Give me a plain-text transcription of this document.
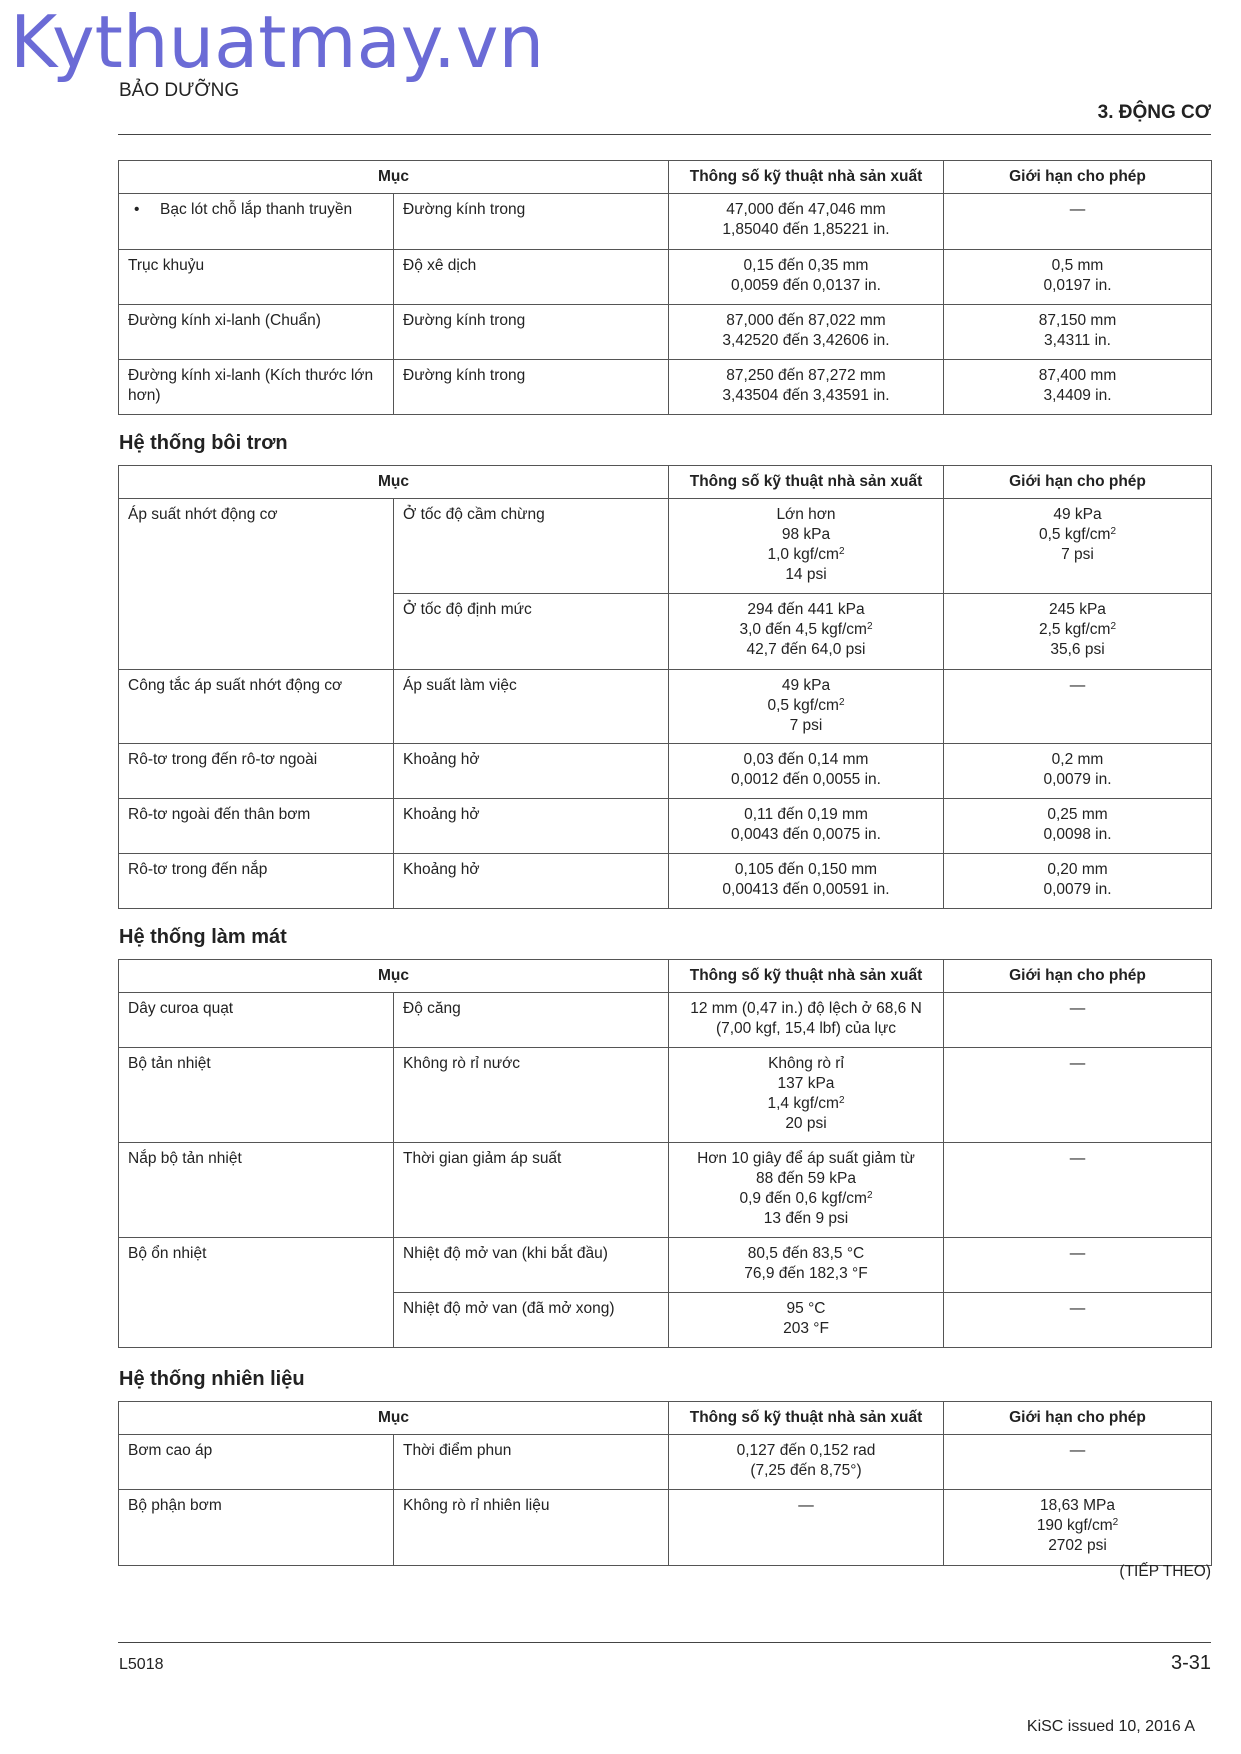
Kythuatmay.vn
BẢO DƯỠNG
3. ĐỘNG CƠ
Mục		Thông số kỹ thuật nhà sản xuất	Giới hạn cho phép
• Bạc lót chỗ lắp thanh truyền	Đường kính trong	47,000 đến 47,046 mm
1,85040 đến 1,85221 in.	—

Trục khuỷu	Độ xê dịch	0,15 đến 0,35 mm
0,0059 đến 0,0137 in.	0,5 mm
0,0197 in.

Đường kính xi-lanh (Chuẩn)	Đường kính trong	87,000 đến 87,022 mm
3,42520 đến 3,42606 in.	87,150 mm
3,4311 in.

Đường kính xi-lanh (Kích thước lớn hơn)	Đường kính trong	87,250 đến 87,272 mm
3,43504 đến 3,43591 in.	87,400 mm
3,4409 in.
Hệ thống bôi trơn
Mục		Thông số kỹ thuật nhà sản xuất	Giới hạn cho phép
Áp suất nhớt động cơ	Ở tốc độ cầm chừng	Lớn hơn
98 kPa
1,0 kgf/$cm^2$
14 psi	49 kPa
0,5 kgf/$cm^2$
7 psi

	Ở tốc độ định mức	294 đến 441 kPa
3,0 đến 4,5 kgf/$cm^2$
42,7 đến 64,0 psi	245 kPa
2,5 kgf/$cm^2$
35,6 psi

Công tắc áp suất nhớt động cơ	Áp suất làm việc	49 kPa
0,5 kgf/$cm^2$
7 psi	—

Rô-tơ trong đến rô-tơ ngoài	Khoảng hở	0,03 đến 0,14 mm
0,0012 đến 0,0055 in.	0,2 mm
0,0079 in.

Rô-tơ ngoài đến thân bơm	Khoảng hở	0,11 đến 0,19 mm
0,0043 đến 0,0075 in.	0,25 mm
0,0098 in.

Rô-tơ trong đến nắp	Khoảng hở	0,105 đến 0,150 mm
0,00413 đến 0,00591 in.	0,20 mm
0,0079 in.
Hệ thống làm mát
Mục		Thông số kỹ thuật nhà sản xuất	Giới hạn cho phép
Dây curoa quạt	Độ căng	12 mm (0,47 in.) độ lệch ở 68,6 N
(7,00 kgf, 15,4 lbf) của lực	—

Bộ tản nhiệt	Không rò rỉ nước	Không rò rỉ
137 kPa
1,4 kgf/$cm^2$
20 psi	—

Nắp bộ tản nhiệt	Thời gian giảm áp suất	Hơn 10 giây để áp suất giảm từ
88 đến 59 kPa
0,9 đến 0,6 kgf/$cm^2$
13 đến 9 psi	—

Bộ ổn nhiệt	Nhiệt độ mở van (khi bắt đầu)	80,5 đến 83,5 °C
76,9 đến 182,3 °F	—

	Nhiệt độ mở van (đã mở xong)	95 °C
203 °F	—
Hệ thống nhiên liệu
Mục		Thông số kỹ thuật nhà sản xuất	Giới hạn cho phép
Bơm cao áp	Thời điểm phun	0,127 đến 0,152 rad
(7,25 đến 8,75°)	—

Bộ phận bơm	Không rò rỉ nhiên liệu	—	18,63 MPa
190 kgf/$cm^2$
2702 psi
(TIẾP THEO)
L5018	3-31
KiSC issued 10, 2016 A
